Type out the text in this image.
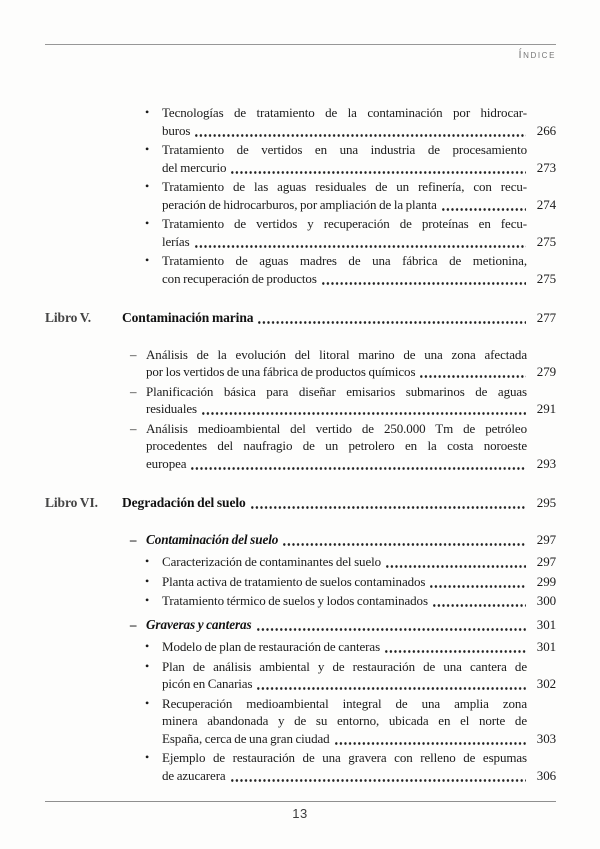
Índice
• Tecnologías de tratamiento de la contaminación por hidrocar-
buros	266
• Tratamiento de vertidos en una industria de procesamiento
del mercurio	273
• Tratamiento de las aguas residuales de un refinería, con recu-
peración de hidrocarburos, por ampliación de la planta	274
• Tratamiento de vertidos y recuperación de proteínas en fecu-
lerías	275
• Tratamiento de aguas madres de una fábrica de metionina,
con recuperación de productos	275
Libro V.	Contaminación marina	277
– Análisis de la evolución del litoral marino de una zona afectada
por los vertidos de una fábrica de productos químicos	279
– Planificación básica para diseñar emisarios submarinos de aguas
residuales	291
– Análisis medioambiental del vertido de 250.000 Tm de petróleo
procedentes del naufragio de un petrolero en la costa noroeste
europea	293
Libro VI.	Degradación del suelo	295
– Contaminación del suelo	297
• Caracterización de contaminantes del suelo	297
• Planta activa de tratamiento de suelos contaminados	299
• Tratamiento térmico de suelos y lodos contaminados	300
– Graveras y canteras	301
• Modelo de plan de restauración de canteras	301
• Plan de análisis ambiental y de restauración de una cantera de
picón en Canarias	302
• Recuperación medioambiental integral de una amplia zona
minera abandonada y de su entorno, ubicada en el norte de
España, cerca de una gran ciudad	303
• Ejemplo de restauración de una gravera con relleno de espumas
de azucarera	306
13
